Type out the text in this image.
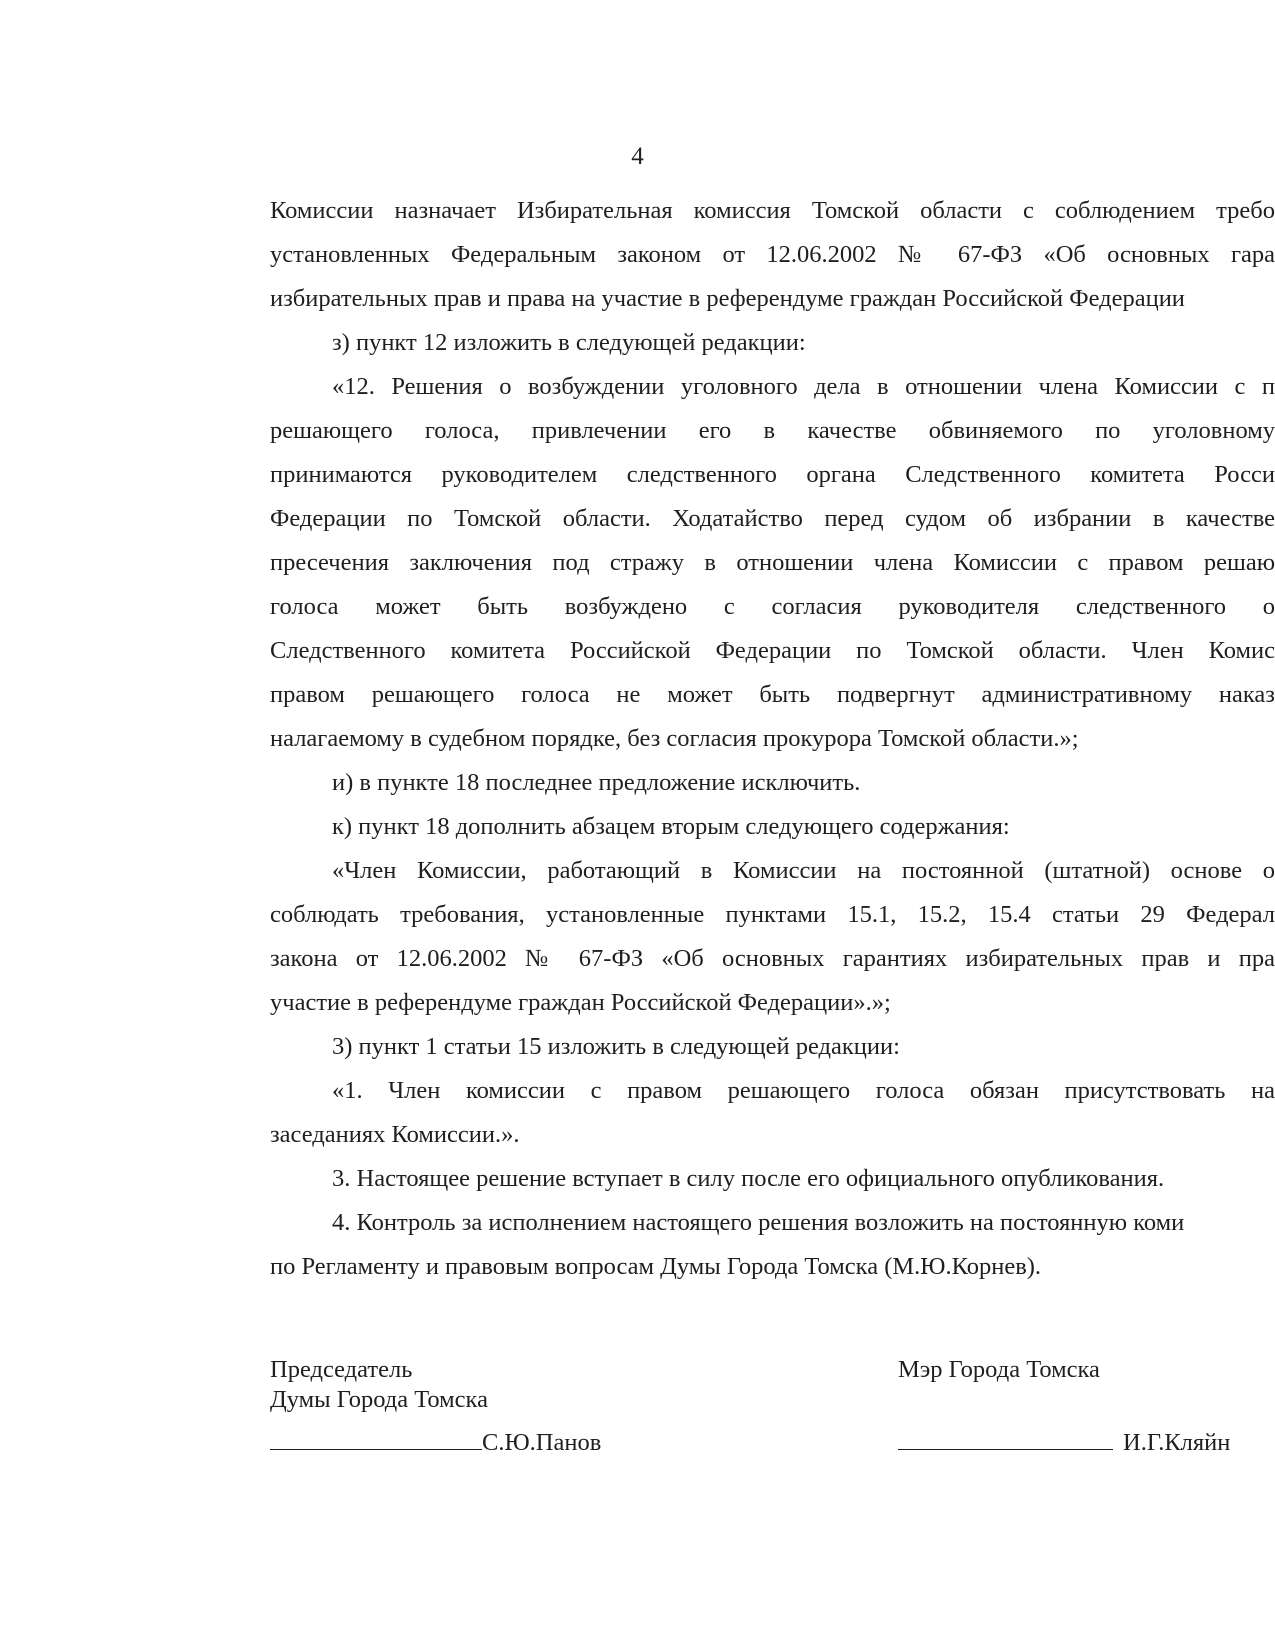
4
Комиссии назначает Избирательная комиссия Томской области с соблюдением требо
установленных Федеральным законом от 12.06.2002 № 67-ФЗ «Об основных гара
избирательных прав и права на участие в референдуме граждан Российской Федерации
з) пункт 12 изложить в следующей редакции:
«12. Решения о возбуждении уголовного дела в отношении члена Комиссии с п
решающего голоса, привлечении его в качестве обвиняемого по уголовному
принимаются руководителем следственного органа Следственного комитета Росси
Федерации по Томской области. Ходатайство перед судом об избрании в качестве
пресечения заключения под стражу в отношении члена Комиссии с правом решаю
голоса может быть возбуждено с согласия руководителя следственного о
Следственного комитета Российской Федерации по Томской области. Член Комис
правом решающего голоса не может быть подвергнут административному наказ
налагаемому в судебном порядке, без согласия прокурора Томской области.»;
и) в пункте 18 последнее предложение исключить.
к) пункт 18 дополнить абзацем вторым следующего содержания:
«Член Комиссии, работающий в Комиссии на постоянной (штатной) основе о
соблюдать требования, установленные пунктами 15.1, 15.2, 15.4 статьи 29 Федерал
закона от 12.06.2002 № 67-ФЗ «Об основных гарантиях избирательных прав и пра
участие в референдуме граждан Российской Федерации».»;
3) пункт 1 статьи 15 изложить в следующей редакции:
«1. Член комиссии с правом решающего голоса обязан присутствовать на
заседаниях Комиссии.».
3. Настоящее решение вступает в силу после его официального опубликования.
4. Контроль за исполнением настоящего решения возложить на постоянную коми
по Регламенту и правовым вопросам Думы Города Томска (М.Ю.Корнев).
Председатель
Думы Города Томска
С.Ю.Панов
Мэр Города Томска
И.Г.Кляйн
